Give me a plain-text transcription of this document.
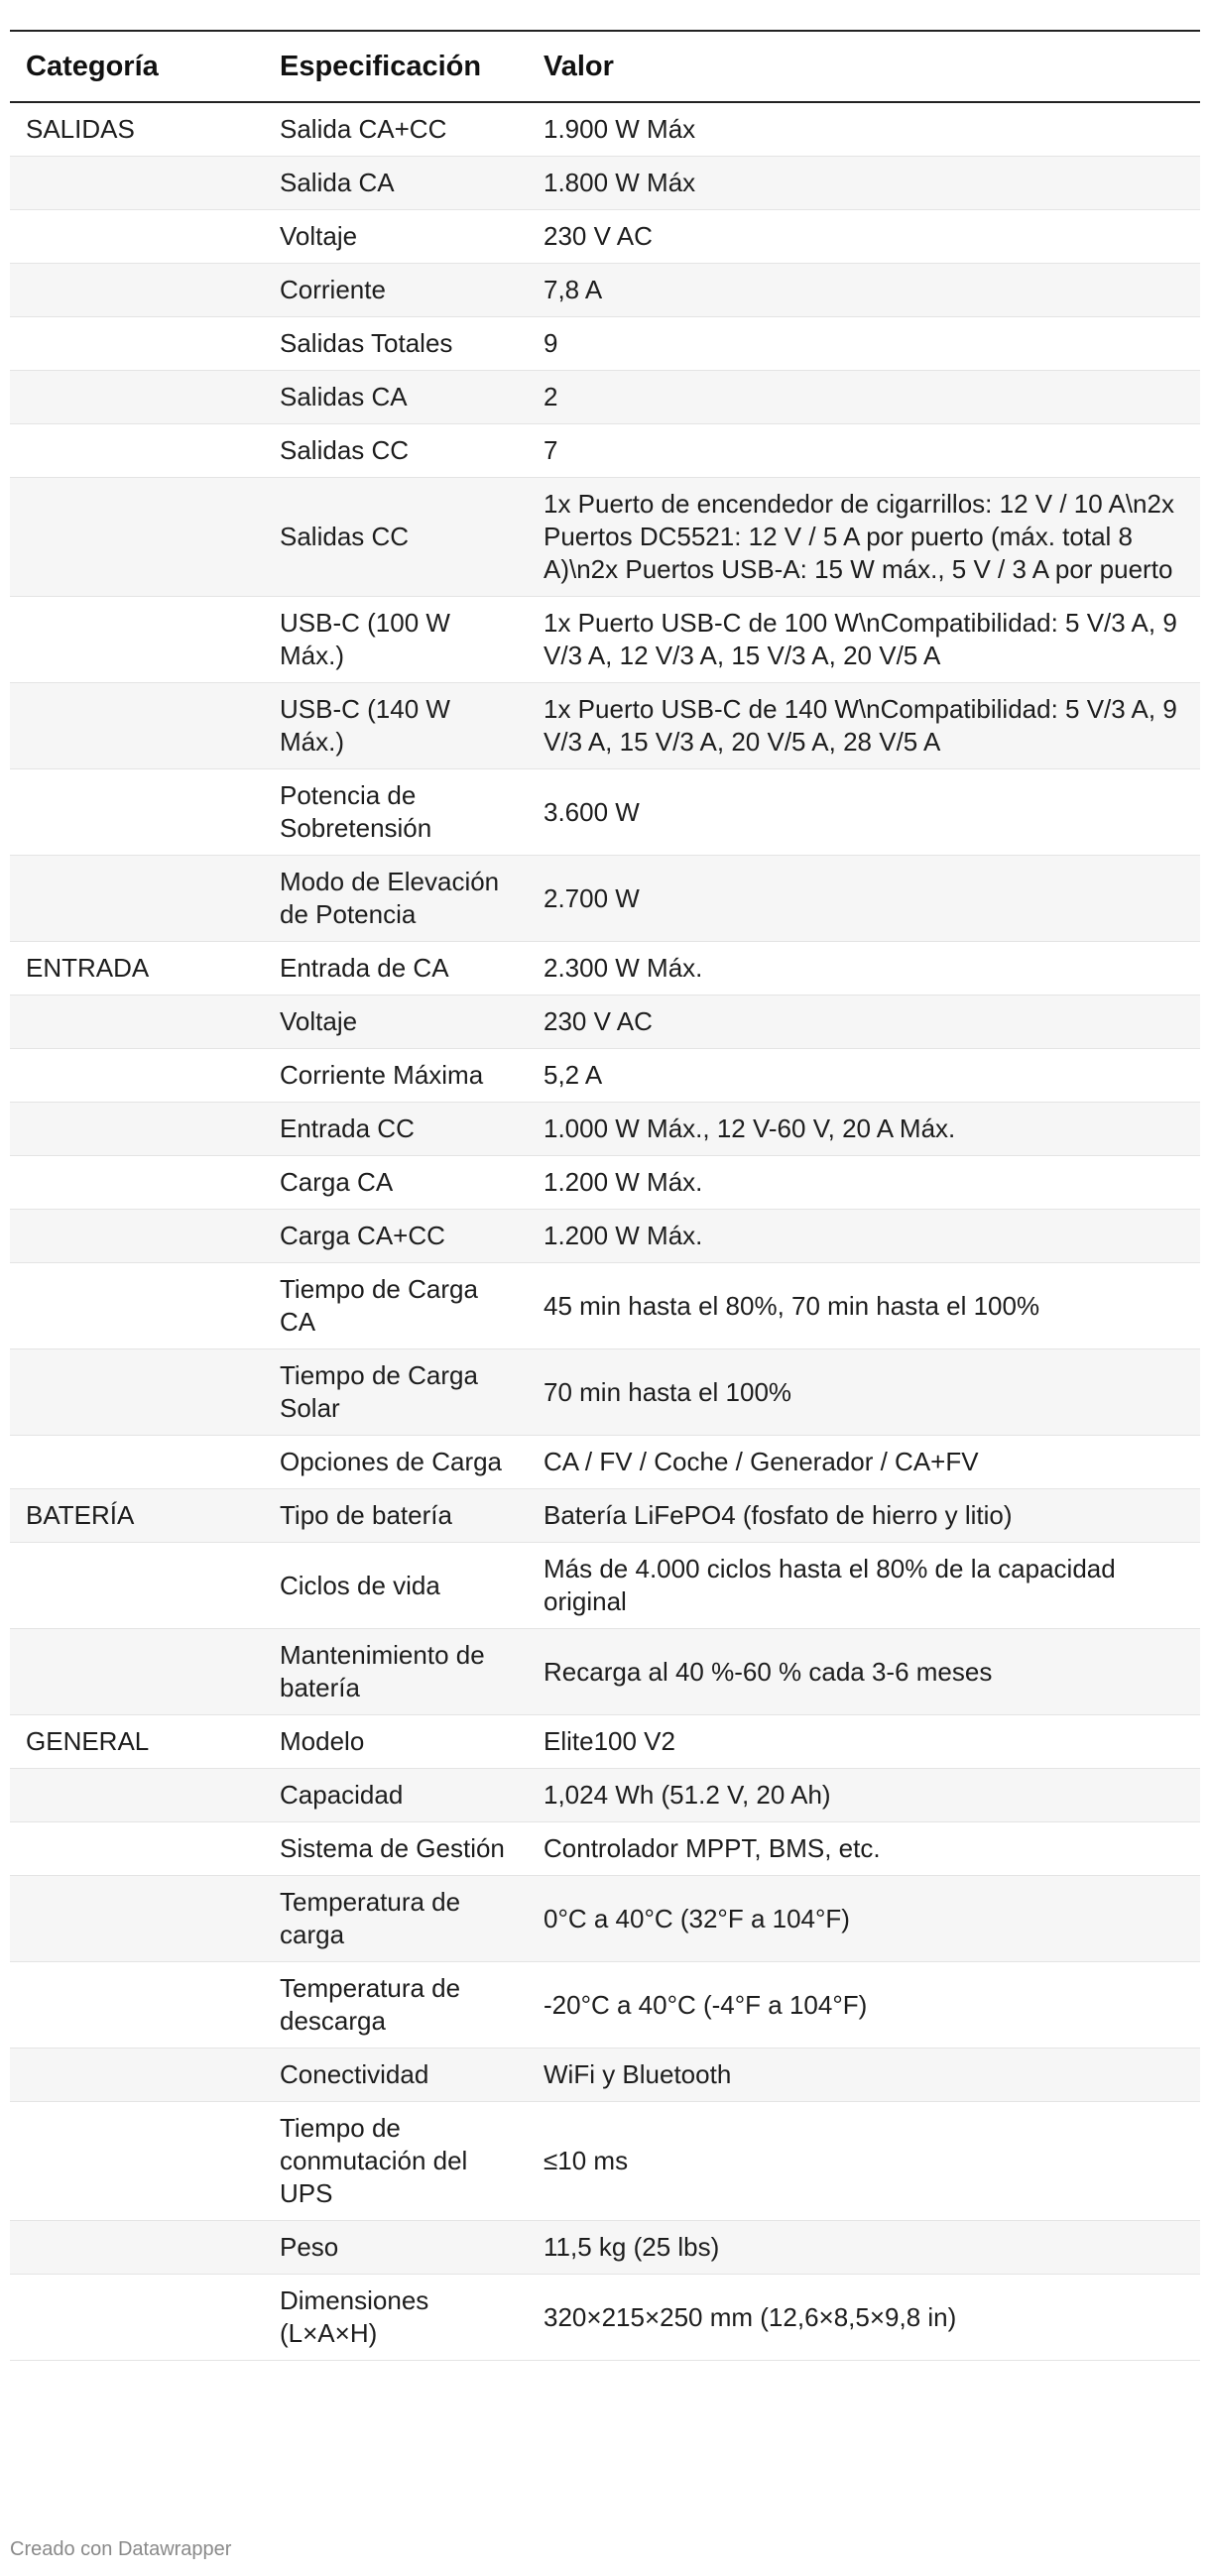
Categoría	Especificación	Valor
SALIDAS	Salida CA+CC	1.900 W Máx
	Salida CA	1.800 W Máx
	Voltaje	230 V AC
	Corriente	7,8 A
	Salidas Totales	9
	Salidas CA	2
	Salidas CC	7
	Salidas CC	1x Puerto de encendedor de cigarrillos: 12 V / 10 A\n2x Puertos DC5521: 12 V / 5 A por puerto (máx. total 8 A)\n2x Puertos USB-A: 15 W máx., 5 V / 3 A por puerto
	USB-C (100 W Máx.)	1x Puerto USB-C de 100 W\nCompatibilidad: 5 V/3 A, 9 V/3 A, 12 V/3 A, 15 V/3 A, 20 V/5 A
	USB-C (140 W Máx.)	1x Puerto USB-C de 140 W\nCompatibilidad: 5 V/3 A, 9 V/3 A, 15 V/3 A, 20 V/5 A, 28 V/5 A
	Potencia de Sobretensión	3.600 W
	Modo de Elevación de Potencia	2.700 W
ENTRADA	Entrada de CA	2.300 W Máx.
	Voltaje	230 V AC
	Corriente Máxima	5,2 A
	Entrada CC	1.000 W Máx., 12 V-60 V, 20 A Máx.
	Carga CA	1.200 W Máx.
	Carga CA+CC	1.200 W Máx.
	Tiempo de Carga CA	45 min hasta el 80%, 70 min hasta el 100%
	Tiempo de Carga Solar	70 min hasta el 100%
	Opciones de Carga	CA / FV / Coche / Generador / CA+FV
BATERÍA	Tipo de batería	Batería LiFePO4 (fosfato de hierro y litio)
	Ciclos de vida	Más de 4.000 ciclos hasta el 80% de la capacidad original
	Mantenimiento de batería	Recarga al 40 %-60 % cada 3-6 meses
GENERAL	Modelo	Elite100 V2
	Capacidad	1,024 Wh (51.2 V, 20 Ah)
	Sistema de Gestión	Controlador MPPT, BMS, etc.
	Temperatura de carga	0°C a 40°C (32°F a 104°F)
	Temperatura de descarga	-20°C a 40°C (-4°F a 104°F)
	Conectividad	WiFi y Bluetooth
	Tiempo de conmutación del UPS	≤10 ms
	Peso	11,5 kg (25 lbs)
	Dimensiones (L×A×H)	320×215×250 mm (12,6×8,5×9,8 in)
Creado con Datawrapper
